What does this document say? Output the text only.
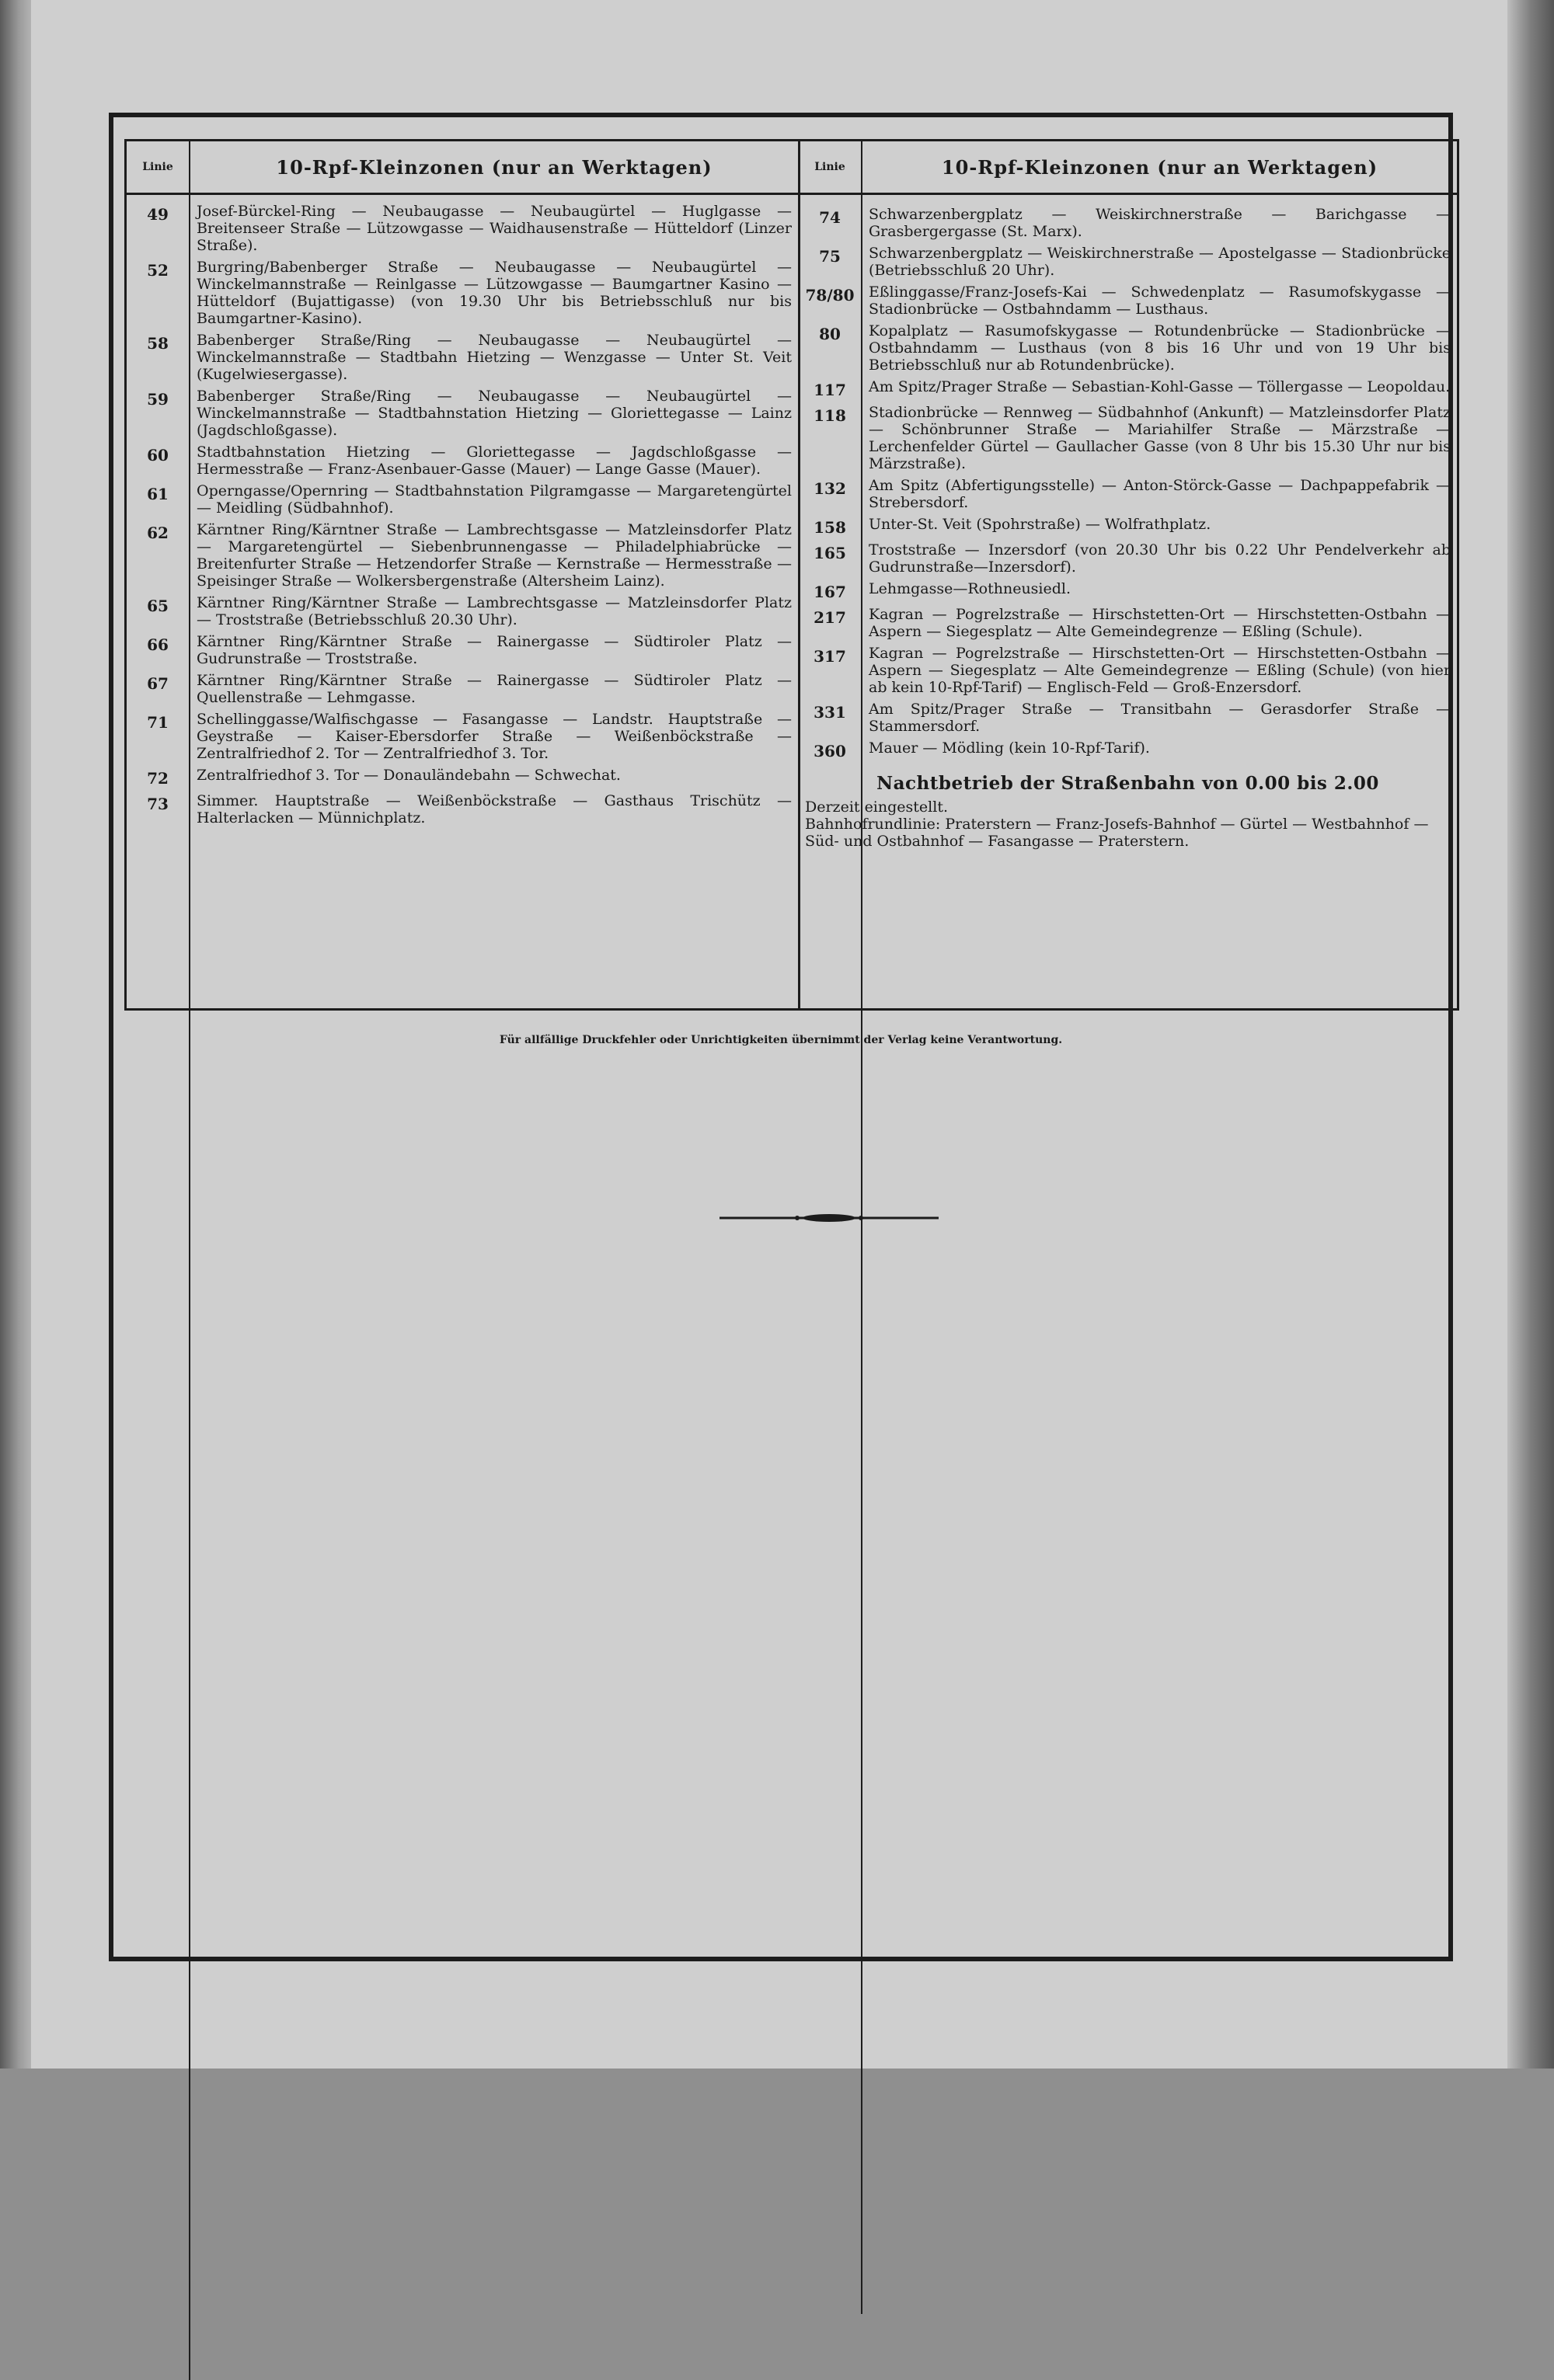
Linie	10-Rpf-Kleinzonen (nur an Werktagen)
49	Josef-Bürckel-Ring — Neubaugasse — Neubaugürtel — Huglgasse — Breitenseer Straße — Lützowgasse — Waidhausenstraße — Hütteldorf (Linzer Straße).
52	Burgring/Babenberger Straße — Neubaugasse — Neubaugürtel — Winckelmannstraße — Reinlgasse — Lützowgasse — Baumgartner Kasino — Hütteldorf (Bujattigasse) (von 19.30 Uhr bis Betriebsschluß nur bis Baumgartner-Kasino).
58	Babenberger Straße/Ring — Neubaugasse — Neubaugürtel — Winckelmannstraße — Stadtbahn Hietzing — Wenzgasse — Unter St. Veit (Kugelwiesergasse).
59	Babenberger Straße/Ring — Neubaugasse — Neubaugürtel — Winckelmannstraße — Stadtbahnstation Hietzing — Gloriettegasse — Lainz (Jagdschloßgasse).
60	Stadtbahnstation Hietzing — Gloriettegasse — Jagdschloßgasse — Hermesstraße — Franz-Asenbauer-Gasse (Mauer) — Lange Gasse (Mauer).
61	Operngasse/Opernring — Stadtbahnstation Pilgramgasse — Margaretengürtel — Meidling (Südbahnhof).
62	Kärntner Ring/Kärntner Straße — Lambrechtsgasse — Matzleinsdorfer Platz — Margaretengürtel — Siebenbrunnengasse — Philadelphiabrücke — Breitenfurter Straße — Hetzendorfer Straße — Kernstraße — Hermesstraße — Speisinger Straße — Wolkersbergenstraße (Altersheim Lainz).
65	Kärntner Ring/Kärntner Straße — Lambrechtsgasse — Matzleinsdorfer Platz — Troststraße (Betriebsschluß 20.30 Uhr).
66	Kärntner Ring/Kärntner Straße — Rainergasse — Südtiroler Platz — Gudrunstraße — Troststraße.
67	Kärntner Ring/Kärntner Straße — Rainergasse — Südtiroler Platz — Quellenstraße — Lehmgasse.
71	Schellinggasse/Walfischgasse — Fasangasse — Landstr. Hauptstraße — Geystraße — Kaiser-Ebersdorfer Straße — Weißenböckstraße — Zentralfriedhof 2. Tor — Zentralfriedhof 3. Tor.
72	Zentralfriedhof 3. Tor — Donauländebahn — Schwechat.
73	Simmer. Hauptstraße — Weißenböckstraße — Gasthaus Trischütz — Halterlacken — Münnichplatz.
Linie	10-Rpf-Kleinzonen (nur an Werktagen)
74	Schwarzenbergplatz — Weiskirchnerstraße — Barichgasse — Grasbergergasse (St. Marx).
75	Schwarzenbergplatz — Weiskirchnerstraße — Apostelgasse — Stadionbrücke (Betriebsschluß 20 Uhr).
78/80 Eßlinggasse/Franz-Josefs-Kai — Schwedenplatz — Rasumofskygasse — Stadionbrücke — Ostbahndamm — Lusthaus.
80	Kopalplatz — Rasumofskygasse — Rotundenbrücke — Stadionbrücke — Ostbahndamm — Lusthaus (von 8 bis 16 Uhr und von 19 Uhr bis Betriebsschluß nur ab Rotundenbrücke).
117	Am Spitz/Prager Straße — Sebastian-Kohl-Gasse — Töllergasse — Leopoldau.
118	Stadionbrücke — Rennweg — Südbahnhof (Ankunft) — Matzleinsdorfer Platz — Schönbrunner Straße — Mariahilfer Straße — Märzstraße — Lerchenfelder Gürtel — Gaullacher Gasse (von 8 Uhr bis 15.30 Uhr nur bis Märzstraße).
132	Am Spitz (Abfertigungsstelle) — Anton-Störck-Gasse — Dachpappefabrik — Strebersdorf.
158	Unter-St. Veit (Spohrstraße) — Wolfrathplatz.
165	Troststraße — Inzersdorf (von 20.30 Uhr bis 0.22 Uhr Pendelverkehr ab Gudrunstraße—Inzersdorf).
167	Lehmgasse—Rothneusiedl.
217	Kagran — Pogrelzstraße — Hirschstetten-Ort — Hirschstetten-Ostbahn — Aspern — Siegesplatz — Alte Gemeindegrenze — Eßling (Schule).
317	Kagran — Pogrelzstraße — Hirschstetten-Ort — Hirschstetten-Ostbahn — Aspern — Siegesplatz — Alte Gemeindegrenze — Eßling (Schule) (von hier ab kein 10-Rpf-Tarif) — Englisch-Feld — Groß-Enzersdorf.
331	Am Spitz/Prager Straße — Transitbahn — Gerasdorfer Straße — Stammersdorf.
360	Mauer — Mödling (kein 10-Rpf-Tarif).
Nachtbetrieb der Straßenbahn von 0.00 bis 2.00
Derzeit eingestellt.
Bahnhofrundlinie: Praterstern — Franz-Josefs-Bahnhof — Gürtel — Westbahnhof — Süd- und Ostbahnhof — Fasangasse — Praterstern.
Für allfällige Druckfehler oder Unrichtigkeiten übernimmt der Verlag keine Verantwortung.
